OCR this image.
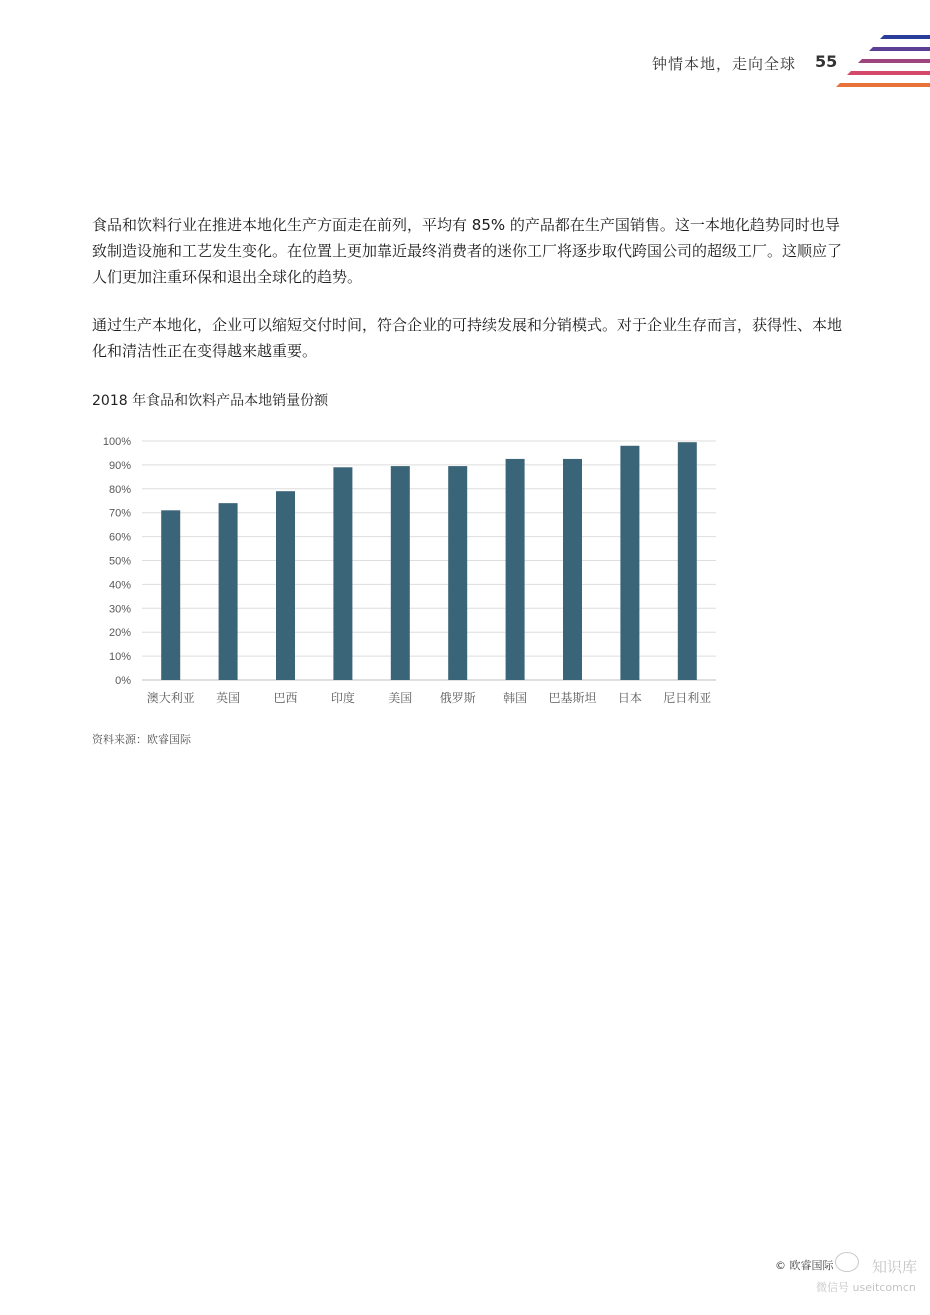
钟情本地，走向全球 55

食品和饮料行业在推进本地化生产方面走在前列，平均有 85% 的产品都在生产国销售。这一本地化趋势同时也导致制造设施和工艺发生变化。在位置上更加靠近最终消费者的迷你工厂将逐步取代跨国公司的超级工厂。这顺应了人们更加注重环保和退出全球化的趋势。

通过生产本地化，企业可以缩短交付时间，符合企业的可持续发展和分销模式。对于企业生存而言，获得性、本地化和清洁性正在变得越来越重要。

2018 年食品和饮料产品本地销量份额
0%
10%
20%
30%
40%
50%
60%
70%
80%
90%
100%
澳大利亚 英国	巴西	印度	美国 俄罗斯 韩国 巴基斯坦 日本 尼日利亚
资料来源：欧睿国际
© 欧睿国际	知识库
微信号 useitcomcn
